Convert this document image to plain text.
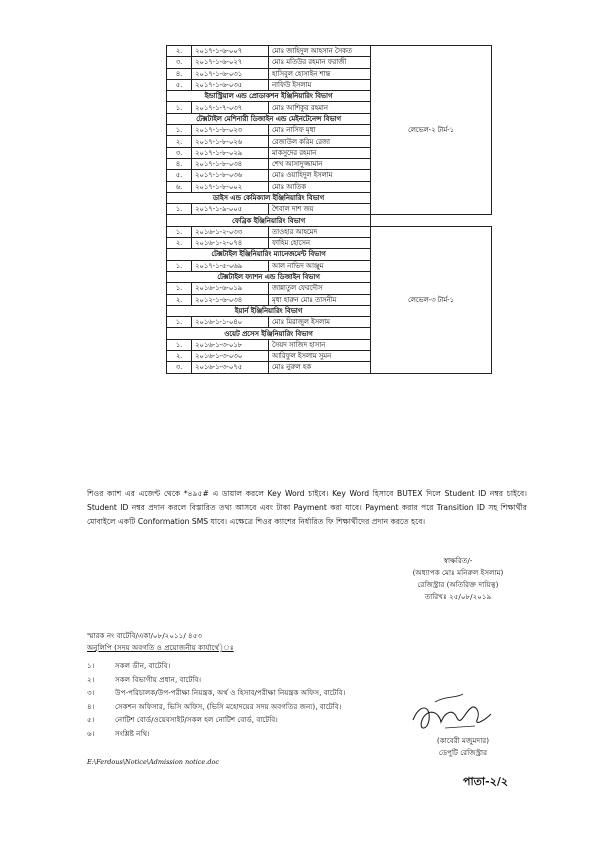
২.	২০১৭-১-৬-০০৭	মোঃ জাহিদুল আহসান সৈকত	লেভেল-২ টার্ম-১
৩.	২০১৭-১-৬-০২৭	মোঃ মতিউর রহমান ফরাজী	
৪.	২০১৭-১-৬-০৩১	হাসিবুল হোসাইন শান্ত	
৫.	২০১৭-১-৬-০৩৫	নাফিউ ইসলাম	
ইন্ডাস্ট্রিয়াল এন্ড প্রোডাকশন ইঞ্জিনিয়ারিং বিভাগ			
১.	২০১৭-১-৭-০৩৭	মোঃ আশিকুর রহমান	
টেক্সটাইল মেশিনারী ডিজাইন এন্ড মেইনটেনেন্স বিভাগ			
১.	২০১৭-১-৮-০২৩	মোঃ নাসিফ মৃধা	
২.	২০১৭-১-৮-০২৬	রেজাউল করিম রেজা	
৩.	২০১৭-১-৮-০২৯	মাকসুদের রহমান	
৪.	২০১৭-১-৮-০৩৪	শেখ আসাদুজ্জামান	
৫.	২০১৭-১-৮-০৩৬	মোঃ ওয়াহিদুল ইসলাম	
৬.	২০১৭-১-৮-০০২	মোঃ আতিক	
ডাইস এন্ড কেমিক্যাল ইঞ্জিনিয়ারিং বিভাগ			
১.	২০১৭-১-৯-০০৫	শৈবাল দাশ জয়	
ফেব্রিক ইঞ্জিনিয়ারিং বিভাগ			
১.	২০১৬-১-২-০৩৩	তাওহার আহমেদ	লেভেল-৩ টার্ম-১
২.	২০১৬-১-২-০৭৪	ফাহিম হোসেন	
টেক্সটাইল ইঞ্জিনিয়ারিং ম্যানেজমেন্ট বিভাগ			
১.	২০১৭-১-৫-০৬৯	আল নাভিদ আঞ্জুম	
টেক্সটাইল ফ্যাশন এন্ড ডিজাইন বিভাগ			
১.	২০১৬-১-৬-০১৯	জান্নাতুল ফেরদৌস	
২.	২০১২-১-৬-০৩৪	মৃধা হারুন মোঃ তাসনীম	
ইয়ার্ন ইঞ্জিনিয়ারিং বিভাগ			
১.	২০১৬-১-১-০৪০	মোঃ মিরাজুল ইসলাম	
ওয়েট প্রসেস ইঞ্জিনিয়ারিং বিভাগ			
১.	২০১৬-১-৩-০১৮	সৈয়দ সাজিদ হাসান	
২.	২০১৬-১-৩-০৩০	আরিফুল ইসলাম সুমন	
৩.	২০১৬-১-৩-০৭৫	মোঃ নুরুল হক	
শিওর ক্যাশ এর এজেন্ট থেকে *৪৯৫# এ ডায়াল করলে Key Word চাইবে। Key Word হিসাবে BUTEX দিলে Student ID নম্বর চাইবে। Student ID নম্বর প্রদান করলে বিস্তারিত তথ্য আসবে এবং টাকা Payment করা যাবে। Payment করার পরে Transition ID সহ শিক্ষার্থীর মোবাইলে একটি Conformation SMS যাবে। এক্ষেত্রে শিওর ক্যাশের নির্ধারিত ফি শিক্ষার্থীদের প্রদান করতে হবে।
স্বাক্ষরিত/-
(অধ্যাপক মোঃ মনিরুল ইসলাম)
রেজিস্ট্রার (অতিরিক্ত দায়িত্ব)
তারিখঃ ২৫/০৮/২০১৯
স্মারক নং বাটেবি/একা/০৮/২০১১/ ৪৫৩
অনুলিপি (সদয় অবগতি ও প্রয়োজনীয় কার্যার্থে)ঃ
১।	সকল ডীন, বাটেবি।
২।	সকল বিভাগীয় প্রধান, বাটেবি।
৩।	উপ-পরিচালক/উপ-পরীক্ষা নিয়ন্ত্রক, অর্থ ও হিসাব/পরীক্ষা নিয়ন্ত্রক অফিস, বাটেবি।
৪।	সেকশন অফিসার, ভিসি অফিস, (ভিসি মহোদয়ের সদয় অবগতির জন্য), বাটেবি।
৫।	নোটিশ বোর্ড/ওয়েবসাইট/সকল হল নোটিশ বোর্ড, বাটেবি।
৬।	সংশ্লিষ্ট নথি।
(কাবেরী মজুমদার)
ডেপুটি রেজিস্ট্রার
E:\Ferdous\Notice\Admission notice.doc
পাতা-২/২
